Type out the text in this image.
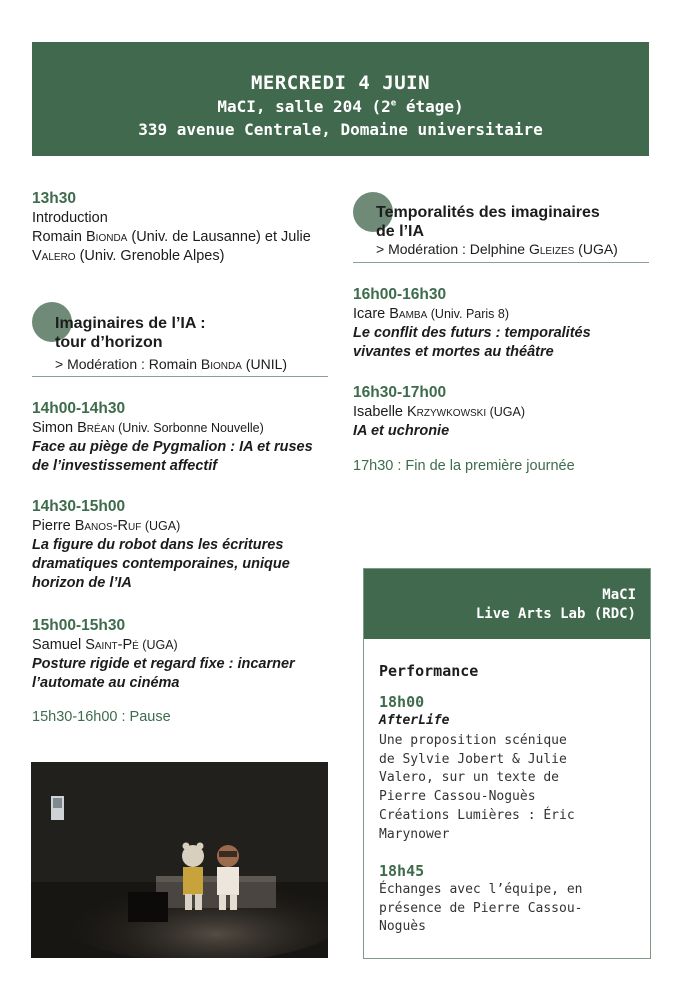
MERCREDI 4 JUIN
MaCI, salle 204 (2e étage)
339 avenue Centrale, Domaine universitaire
13h30
Introduction
Romain Bionda (Univ. de Lausanne) et Julie
Valero (Univ. Grenoble Alpes)
Imaginaires de l’IA :
tour d’horizon
> Modération : Romain Bionda (UNIL)
14h00-14h30
Simon Bréan (Univ. Sorbonne Nouvelle)
Face au piège de Pygmalion : IA et ruses
de l’investissement affectif
14h30-15h00
Pierre Banos-Ruf (UGA)
La figure du robot dans les écritures
dramatiques contemporaines, unique
horizon de l’IA
15h00-15h30
Samuel Saint-Pé (UGA)
Posture rigide et regard fixe : incarner
l’automate au cinéma
15h30-16h00 : Pause
Temporalités des imaginaires
de l’IA
> Modération : Delphine Gleizes (UGA)
16h00-16h30
Icare Bamba (Univ. Paris 8)
Le conflit des futurs : temporalités
vivantes et mortes au théâtre
16h30-17h00
Isabelle Krzywkowski (UGA)
IA et uchronie
17h30 : Fin de la première journée
MaCI
Live Arts Lab (RDC)
Performance
18h00
AfterLife
Une proposition scénique
de Sylvie Jobert & Julie
Valero, sur un texte de
Pierre Cassou-Noguès
Créations Lumières : Éric
Marynower
18h45
Échanges avec l’équipe, en
présence de Pierre Cassou-
Noguès
